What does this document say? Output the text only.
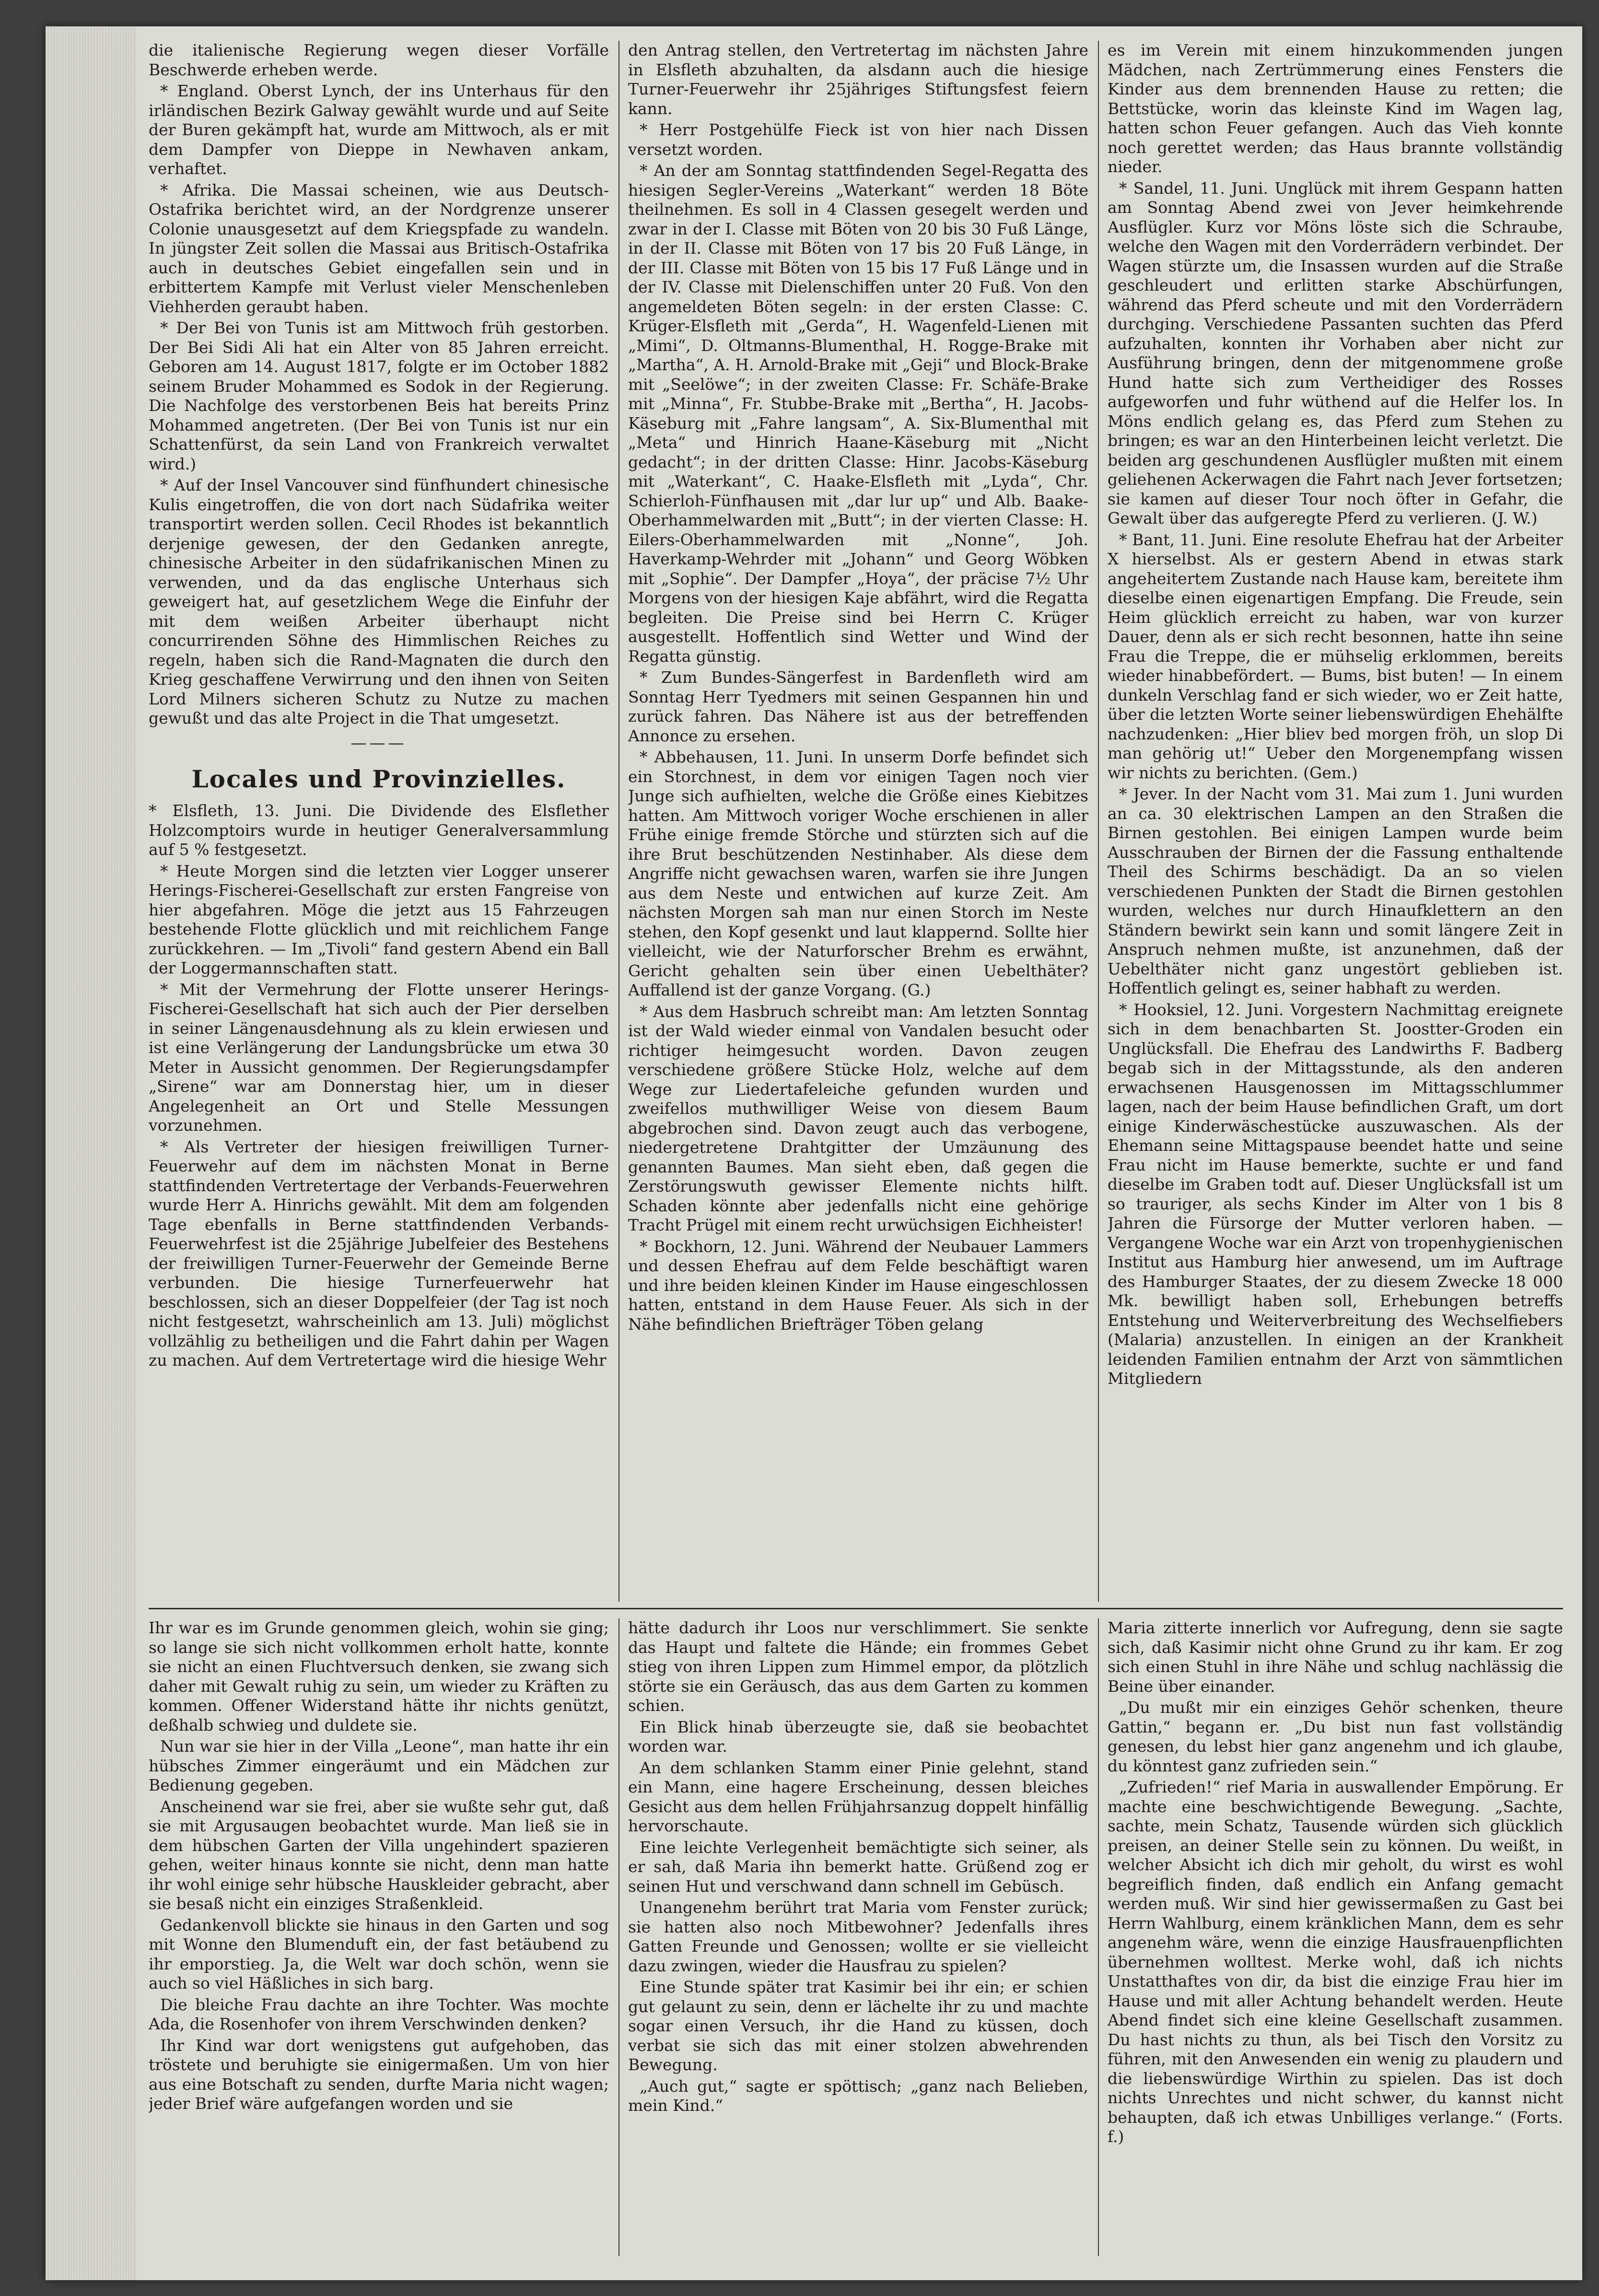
die italienische Regierung wegen dieser Vorfälle Beschwerde erheben werde.

* England. Oberst Lynch, der ins Unterhaus für den irländischen Bezirk Galway gewählt wurde und auf Seite der Buren gekämpft hat, wurde am Mittwoch, als er mit dem Dampfer von Dieppe in Newhaven ankam, verhaftet.

* Afrika. Die Massai scheinen, wie aus Deutsch-Ostafrika berichtet wird, an der Nordgrenze unserer Colonie unausgesetzt auf dem Kriegspfade zu wandeln. In jüngster Zeit sollen die Massai aus Britisch-Ostafrika auch in deutsches Gebiet eingefallen sein und in erbittertem Kampfe mit Verlust vieler Menschenleben Viehherden geraubt haben.

* Der Bei von Tunis ist am Mittwoch früh gestorben. Der Bei Sidi Ali hat ein Alter von 85 Jahren erreicht. Geboren am 14. August 1817, folgte er im October 1882 seinem Bruder Mohammed es Sodok in der Regierung. Die Nachfolge des verstorbenen Beis hat bereits Prinz Mohammed angetreten. (Der Bei von Tunis ist nur ein Schattenfürst, da sein Land von Frankreich verwaltet wird.)

* Auf der Insel Vancouver sind fünfhundert chinesische Kulis eingetroffen, die von dort nach Südafrika weiter transportirt werden sollen. Cecil Rhodes ist bekanntlich derjenige gewesen, der den Gedanken anregte, chinesische Arbeiter in den südafrikanischen Minen zu verwenden, und da das englische Unterhaus sich geweigert hat, auf gesetzlichem Wege die Einfuhr der mit dem weißen Arbeiter überhaupt nicht concurrirenden Söhne des Himmlischen Reiches zu regeln, haben sich die Rand-Magnaten die durch den Krieg geschaffene Verwirrung und den ihnen von Seiten Lord Milners sicheren Schutz zu Nutze zu machen gewußt und das alte Project in die That umgesetzt.

———

Locales und Provinzielles.

* Elsfleth, 13. Juni. Die Dividende des Elsflether Holzcomptoirs wurde in heutiger Generalversammlung auf 5 % festgesetzt.

* Heute Morgen sind die letzten vier Logger unserer Herings-Fischerei-Gesellschaft zur ersten Fangreise von hier abgefahren. Möge die jetzt aus 15 Fahrzeugen bestehende Flotte glücklich und mit reichlichem Fange zurückkehren. — Im „Tivoli“ fand gestern Abend ein Ball der Loggermannschaften statt.

* Mit der Vermehrung der Flotte unserer Herings-Fischerei-Gesellschaft hat sich auch der Pier derselben in seiner Längenausdehnung als zu klein erwiesen und ist eine Verlängerung der Landungsbrücke um etwa 30 Meter in Aussicht genommen. Der Regierungsdampfer „Sirene“ war am Donnerstag hier, um in dieser Angelegenheit an Ort und Stelle Messungen vorzunehmen.

* Als Vertreter der hiesigen freiwilligen Turner-Feuerwehr auf dem im nächsten Monat in Berne stattfindenden Vertretertage der Verbands-Feuerwehren wurde Herr A. Hinrichs gewählt. Mit dem am folgenden Tage ebenfalls in Berne stattfindenden Verbands-Feuerwehrfest ist die 25jährige Jubelfeier des Bestehens der freiwilligen Turner-Feuerwehr der Gemeinde Berne verbunden. Die hiesige Turnerfeuerwehr hat beschlossen, sich an dieser Doppelfeier (der Tag ist noch nicht festgesetzt, wahrscheinlich am 13. Juli) möglichst vollzählig zu betheiligen und die Fahrt dahin per Wagen zu machen. Auf dem Vertretertage wird die hiesige Wehr

den Antrag stellen, den Vertretertag im nächsten Jahre in Elsfleth abzuhalten, da alsdann auch die hiesige Turner-Feuerwehr ihr 25jähriges Stiftungsfest feiern kann.

* Herr Postgehülfe Fieck ist von hier nach Dissen versetzt worden.

* An der am Sonntag stattfindenden Segel-Regatta des hiesigen Segler-Vereins „Waterkant“ werden 18 Böte theilnehmen. Es soll in 4 Classen gesegelt werden und zwar in der I. Classe mit Böten von 20 bis 30 Fuß Länge, in der II. Classe mit Böten von 17 bis 20 Fuß Länge, in der III. Classe mit Böten von 15 bis 17 Fuß Länge und in der IV. Classe mit Dielenschiffen unter 20 Fuß. Von den angemeldeten Böten segeln: in der ersten Classe: C. Krüger-Elsfleth mit „Gerda“, H. Wagenfeld-Lienen mit „Mimi“, D. Oltmanns-Blumenthal, H. Rogge-Brake mit „Martha“, A. H. Arnold-Brake mit „Geji“ und Block-Brake mit „Seelöwe“; in der zweiten Classe: Fr. Schäfe-Brake mit „Minna“, Fr. Stubbe-Brake mit „Bertha“, H. Jacobs-Käseburg mit „Fahre langsam“, A. Six-Blumenthal mit „Meta“ und Hinrich Haane-Käseburg mit „Nicht gedacht“; in der dritten Classe: Hinr. Jacobs-Käseburg mit „Waterkant“, C. Haake-Elsfleth mit „Lyda“, Chr. Schierloh-Fünfhausen mit „dar lur up“ und Alb. Baake-Oberhammelwarden mit „Butt“; in der vierten Classe: H. Eilers-Oberhammelwarden mit „Nonne“, Joh. Haverkamp-Wehrder mit „Johann“ und Georg Wöbken mit „Sophie“. Der Dampfer „Hoya“, der präcise 7½ Uhr Morgens von der hiesigen Kaje abfährt, wird die Regatta begleiten. Die Preise sind bei Herrn C. Krüger ausgestellt. Hoffentlich sind Wetter und Wind der Regatta günstig.

* Zum Bundes-Sängerfest in Bardenfleth wird am Sonntag Herr Tyedmers mit seinen Gespannen hin und zurück fahren. Das Nähere ist aus der betreffenden Annonce zu ersehen.

* Abbehausen, 11. Juni. In unserm Dorfe befindet sich ein Storchnest, in dem vor einigen Tagen noch vier Junge sich aufhielten, welche die Größe eines Kiebitzes hatten. Am Mittwoch voriger Woche erschienen in aller Frühe einige fremde Störche und stürzten sich auf die ihre Brut beschützenden Nestinhaber. Als diese dem Angriffe nicht gewachsen waren, warfen sie ihre Jungen aus dem Neste und entwichen auf kurze Zeit. Am nächsten Morgen sah man nur einen Storch im Neste stehen, den Kopf gesenkt und laut klappernd. Sollte hier vielleicht, wie der Naturforscher Brehm es erwähnt, Gericht gehalten sein über einen Uebelthäter? Auffallend ist der ganze Vorgang. (G.)

* Aus dem Hasbruch schreibt man: Am letzten Sonntag ist der Wald wieder einmal von Vandalen besucht oder richtiger heimgesucht worden. Davon zeugen verschiedene größere Stücke Holz, welche auf dem Wege zur Liedertafeleiche gefunden wurden und zweifellos muthwilliger Weise von diesem Baum abgebrochen sind. Davon zeugt auch das verbogene, niedergetretene Drahtgitter der Umzäunung des genannten Baumes. Man sieht eben, daß gegen die Zerstörungswuth gewisser Elemente nichts hilft. Schaden könnte aber jedenfalls nicht eine gehörige Tracht Prügel mit einem recht urwüchsigen Eichheister!

* Bockhorn, 12. Juni. Während der Neubauer Lammers und dessen Ehefrau auf dem Felde beschäftigt waren und ihre beiden kleinen Kinder im Hause eingeschlossen hatten, entstand in dem Hause Feuer. Als sich in der Nähe befindlichen Briefträger Töben gelang

es im Verein mit einem hinzukommenden jungen Mädchen, nach Zertrümmerung eines Fensters die Kinder aus dem brennenden Hause zu retten; die Bettstücke, worin das kleinste Kind im Wagen lag, hatten schon Feuer gefangen. Auch das Vieh konnte noch gerettet werden; das Haus brannte vollständig nieder.

* Sandel, 11. Juni. Unglück mit ihrem Gespann hatten am Sonntag Abend zwei von Jever heimkehrende Ausflügler. Kurz vor Möns löste sich die Schraube, welche den Wagen mit den Vorderrädern verbindet. Der Wagen stürzte um, die Insassen wurden auf die Straße geschleudert und erlitten starke Abschürfungen, während das Pferd scheute und mit den Vorderrädern durchging. Verschiedene Passanten suchten das Pferd aufzuhalten, konnten ihr Vorhaben aber nicht zur Ausführung bringen, denn der mitgenommene große Hund hatte sich zum Vertheidiger des Rosses aufgeworfen und fuhr wüthend auf die Helfer los. In Möns endlich gelang es, das Pferd zum Stehen zu bringen; es war an den Hinterbeinen leicht verletzt. Die beiden arg geschundenen Ausflügler mußten mit einem geliehenen Ackerwagen die Fahrt nach Jever fortsetzen; sie kamen auf dieser Tour noch öfter in Gefahr, die Gewalt über das aufgeregte Pferd zu verlieren. (J. W.)

* Bant, 11. Juni. Eine resolute Ehefrau hat der Arbeiter X hierselbst. Als er gestern Abend in etwas stark angeheitertem Zustande nach Hause kam, bereitete ihm dieselbe einen eigenartigen Empfang. Die Freude, sein Heim glücklich erreicht zu haben, war von kurzer Dauer, denn als er sich recht besonnen, hatte ihn seine Frau die Treppe, die er mühselig erklommen, bereits wieder hinabbefördert. — Bums, bist buten! — In einem dunkeln Verschlag fand er sich wieder, wo er Zeit hatte, über die letzten Worte seiner liebenswürdigen Ehehälfte nachzudenken: „Hier bliev bed morgen fröh, un slop Di man gehörig ut!“ Ueber den Morgenempfang wissen wir nichts zu berichten. (Gem.)

* Jever. In der Nacht vom 31. Mai zum 1. Juni wurden an ca. 30 elektrischen Lampen an den Straßen die Birnen gestohlen. Bei einigen Lampen wurde beim Ausschrauben der Birnen der die Fassung enthaltende Theil des Schirms beschädigt. Da an so vielen verschiedenen Punkten der Stadt die Birnen gestohlen wurden, welches nur durch Hinaufklettern an den Ständern bewirkt sein kann und somit längere Zeit in Anspruch nehmen mußte, ist anzunehmen, daß der Uebelthäter nicht ganz ungestört geblieben ist. Hoffentlich gelingt es, seiner habhaft zu werden.

* Hooksiel, 12. Juni. Vorgestern Nachmittag ereignete sich in dem benachbarten St. Joostter-Groden ein Unglücksfall. Die Ehefrau des Landwirths F. Badberg begab sich in der Mittagsstunde, als den anderen erwachsenen Hausgenossen im Mittagsschlummer lagen, nach der beim Hause befindlichen Graft, um dort einige Kinderwäschestücke auszuwaschen. Als der Ehemann seine Mittagspause beendet hatte und seine Frau nicht im Hause bemerkte, suchte er und fand dieselbe im Graben todt auf. Dieser Unglücksfall ist um so trauriger, als sechs Kinder im Alter von 1 bis 8 Jahren die Fürsorge der Mutter verloren haben. — Vergangene Woche war ein Arzt von tropenhygienischen Institut aus Hamburg hier anwesend, um im Auftrage des Hamburger Staates, der zu diesem Zwecke 18 000 Mk. bewilligt haben soll, Erhebungen betreffs Entstehung und Weiterverbreitung des Wechselfiebers (Malaria) anzustellen. In einigen an der Krankheit leidenden Familien entnahm der Arzt von sämmtlichen Mitgliedern

Ihr war es im Grunde genommen gleich, wohin sie ging; so lange sie sich nicht vollkommen erholt hatte, konnte sie nicht an einen Fluchtversuch denken, sie zwang sich daher mit Gewalt ruhig zu sein, um wieder zu Kräften zu kommen. Offener Widerstand hätte ihr nichts genützt, deßhalb schwieg und duldete sie.

Nun war sie hier in der Villa „Leone“, man hatte ihr ein hübsches Zimmer eingeräumt und ein Mädchen zur Bedienung gegeben.

Anscheinend war sie frei, aber sie wußte sehr gut, daß sie mit Argusaugen beobachtet wurde. Man ließ sie in dem hübschen Garten der Villa ungehindert spazieren gehen, weiter hinaus konnte sie nicht, denn man hatte ihr wohl einige sehr hübsche Hauskleider gebracht, aber sie besaß nicht ein einziges Straßenkleid.

Gedankenvoll blickte sie hinaus in den Garten und sog mit Wonne den Blumenduft ein, der fast betäubend zu ihr emporstieg. Ja, die Welt war doch schön, wenn sie auch so viel Häßliches in sich barg.

Die bleiche Frau dachte an ihre Tochter. Was mochte Ada, die Rosenhofer von ihrem Verschwinden denken?

Ihr Kind war dort wenigstens gut aufgehoben, das tröstete und beruhigte sie einigermaßen. Um von hier aus eine Botschaft zu senden, durfte Maria nicht wagen; jeder Brief wäre aufgefangen worden und sie

hätte dadurch ihr Loos nur verschlimmert. Sie senkte das Haupt und faltete die Hände; ein frommes Gebet stieg von ihren Lippen zum Himmel empor, da plötzlich störte sie ein Geräusch, das aus dem Garten zu kommen schien.

Ein Blick hinab überzeugte sie, daß sie beobachtet worden war.

An dem schlanken Stamm einer Pinie gelehnt, stand ein Mann, eine hagere Erscheinung, dessen bleiches Gesicht aus dem hellen Frühjahrsanzug doppelt hinfällig hervorschaute.

Eine leichte Verlegenheit bemächtigte sich seiner, als er sah, daß Maria ihn bemerkt hatte. Grüßend zog er seinen Hut und verschwand dann schnell im Gebüsch.

Unangenehm berührt trat Maria vom Fenster zurück; sie hatten also noch Mitbewohner? Jedenfalls ihres Gatten Freunde und Genossen; wollte er sie vielleicht dazu zwingen, wieder die Hausfrau zu spielen?

Eine Stunde später trat Kasimir bei ihr ein; er schien gut gelaunt zu sein, denn er lächelte ihr zu und machte sogar einen Versuch, ihr die Hand zu küssen, doch verbat sie sich das mit einer stolzen abwehrenden Bewegung.

„Auch gut,“ sagte er spöttisch; „ganz nach Belieben, mein Kind.“

Maria zitterte innerlich vor Aufregung, denn sie sagte sich, daß Kasimir nicht ohne Grund zu ihr kam. Er zog sich einen Stuhl in ihre Nähe und schlug nachlässig die Beine über einander.

„Du mußt mir ein einziges Gehör schenken, theure Gattin,“ begann er. „Du bist nun fast vollständig genesen, du lebst hier ganz angenehm und ich glaube, du könntest ganz zufrieden sein.“

„Zufrieden!“ rief Maria in auswallender Empörung. Er machte eine beschwichtigende Bewegung. „Sachte, sachte, mein Schatz, Tausende würden sich glücklich preisen, an deiner Stelle sein zu können. Du weißt, in welcher Absicht ich dich mir geholt, du wirst es wohl begreiflich finden, daß endlich ein Anfang gemacht werden muß. Wir sind hier gewissermaßen zu Gast bei Herrn Wahlburg, einem kränklichen Mann, dem es sehr angenehm wäre, wenn die einzige Hausfrauenpflichten übernehmen wolltest. Merke wohl, daß ich nichts Unstatthaftes von dir, da bist die einzige Frau hier im Hause und mit aller Achtung behandelt werden. Heute Abend findet sich eine kleine Gesellschaft zusammen. Du hast nichts zu thun, als bei Tisch den Vorsitz zu führen, mit den Anwesenden ein wenig zu plaudern und die liebenswürdige Wirthin zu spielen. Das ist doch nichts Unrechtes und nicht schwer, du kannst nicht behaupten, daß ich etwas Unbilliges verlange.“ (Forts. f.)
